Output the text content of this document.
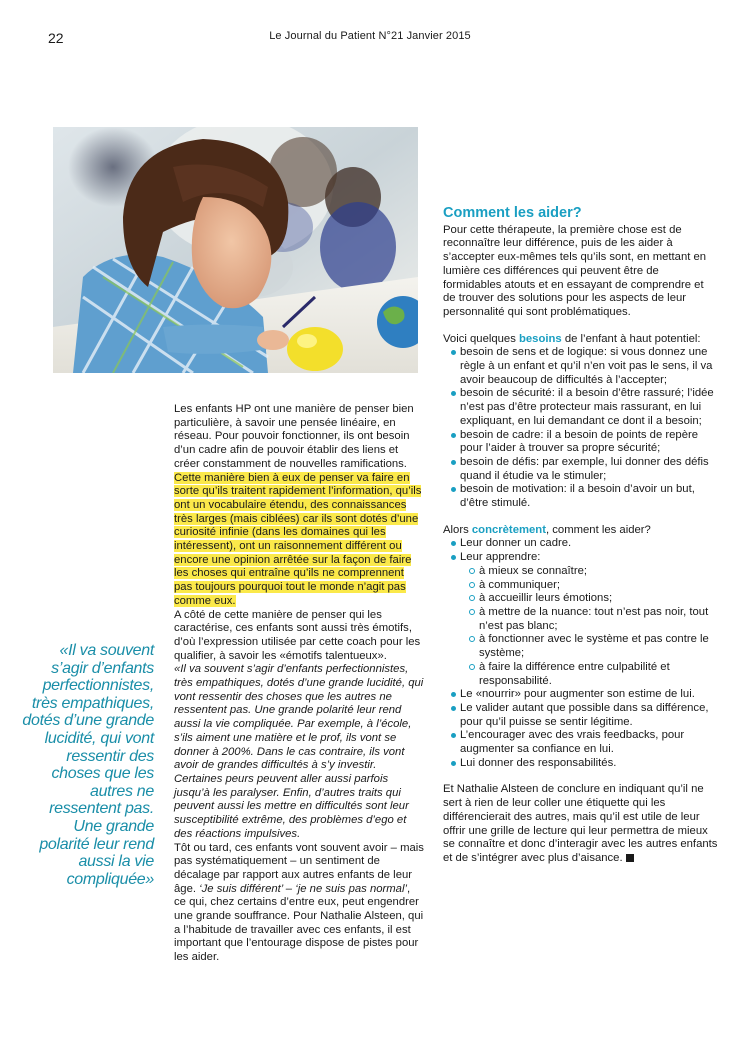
22	Le Journal du Patient N°21 Janvier 2015
«Il va souvent s’agir d’enfants perfectionnistes, très empathiques, dotés d’une grande lucidité, qui vont ressentir des choses que les autres ne ressentent pas. Une grande polarité leur rend aussi la vie compliquée»

Les enfants HP ont une manière de penser bien particulière, à savoir une pensée linéaire, en réseau. Pour pouvoir fonctionner, ils ont besoin d’un cadre afin de pouvoir établir des liens et créer constamment de nouvelles ramifications. Cette manière bien à eux de penser va faire en sorte qu’ils traitent rapidement l’information, qu’ils ont un vocabulaire étendu, des connaissances très larges (mais ciblées) car ils sont dotés d’une curiosité infinie (dans les domaines qui les intéressent), ont un raisonnement différent ou encore une opinion arrêtée sur la façon de faire les choses qui entraîne qu’ils ne comprennent pas toujours pourquoi tout le monde n’agit pas comme eux.

A côté de cette manière de penser qui les caractérise, ces enfants sont aussi très émotifs, d’où l’expression utilisée par cette coach pour les qualifier, à savoir les «émotifs talentueux».

«Il va souvent s’agir d’enfants perfectionnistes, très empathiques, dotés d’une grande lucidité, qui vont ressentir des choses que les autres ne ressentent pas. Une grande polarité leur rend aussi la vie compliquée. Par exemple, à l’école, s’ils aiment une matière et le prof, ils vont se donner à 200%. Dans le cas contraire, ils vont avoir de grandes difficultés à s’y investir. Certaines peurs peuvent aller aussi parfois jusqu’à les paralyser. Enfin, d’autres traits qui peuvent aussi les mettre en difficultés sont leur susceptibilité extrême, des problèmes d’ego et des réactions impulsives.

Tôt ou tard, ces enfants vont souvent avoir – mais pas systématiquement – un sentiment de décalage par rapport aux autres enfants de leur âge. ‘Je suis différent’ – ‘je ne suis pas normal’, ce qui, chez certains d’entre eux, peut engendrer une grande souffrance. Pour Nathalie Alsteen, qui a l’habitude de travailler avec ces enfants, il est important que l’entourage dispose de pistes pour les aider.

Comment les aider?

Pour cette thérapeute, la première chose est de reconnaître leur différence, puis de les aider à s’accepter eux-mêmes tels qu’ils sont, en mettant en lumière ces différences qui peuvent être de formidables atouts et en essayant de comprendre et de trouver des solutions pour les aspects de leur personnalité qui sont problématiques.

Voici quelques besoins de l’enfant à haut potentiel:

besoin de sens et de logique: si vous donnez une règle à un enfant et qu’il n’en voit pas le sens, il va avoir beaucoup de difficultés à l’accepter;
besoin de sécurité: il a besoin d’être rassuré; l’idée n’est pas d’être protecteur mais rassurant, en lui expliquant, en lui demandant ce dont il a besoin;
besoin de cadre: il a besoin de points de repère pour l’aider à trouver sa propre sécurité;
besoin de défis: par exemple, lui donner des défis quand il étudie va le stimuler;
besoin de motivation: il a besoin d’avoir un but, d’être stimulé.

Alors concrètement, comment les aider?

Leur donner un cadre.
Leur apprendre:
à mieux se connaître;
à communiquer;
à accueillir leurs émotions;
à mettre de la nuance: tout n’est pas noir, tout n’est pas blanc;
à fonctionner avec le système et pas contre le système;
à faire la différence entre culpabilité et responsabilité.
Le «nourrir» pour augmenter son estime de lui.
Le valider autant que possible dans sa différence, pour qu’il puisse se sentir légitime.
L’encourager avec des vrais feedbacks, pour augmenter sa confiance en lui.
Lui donner des responsabilités.

Et Nathalie Alsteen de conclure en indiquant qu’il ne sert à rien de leur coller une étiquette qui les différencierait des autres, mais qu’il est utile de leur offrir une grille de lecture qui leur permettra de mieux se connaître et donc d’interagir avec les autres enfants et de s’intégrer avec plus d’aisance.
